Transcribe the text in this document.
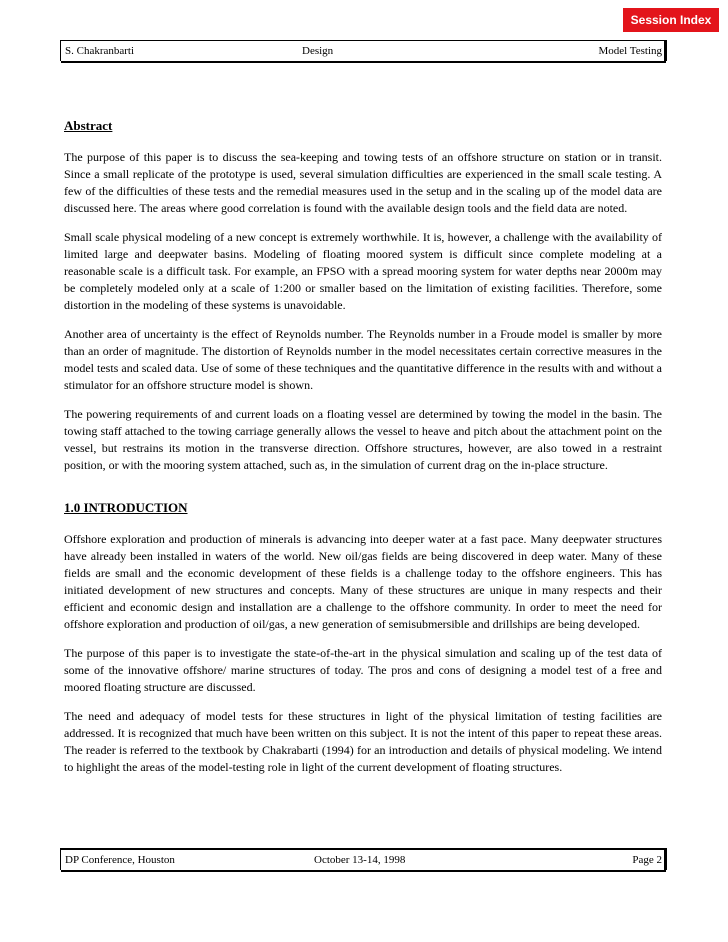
Session Index
S. Chakranbarti	Design	Model Testing
Abstract

The purpose of this paper is to discuss the sea-keeping and towing tests of an offshore structure on station or in transit. Since a small replicate of the prototype is used, several simulation difficulties are experienced in the small scale testing. A few of the difficulties of these tests and the remedial measures used in the setup and in the scaling up of the model data are discussed here. The areas where good correlation is found with the available design tools and the field data are noted.

Small scale physical modeling of a new concept is extremely worthwhile. It is, however, a challenge with the availability of limited large and deepwater basins. Modeling of floating moored system is difficult since complete modeling at a reasonable scale is a difficult task. For example, an FPSO with a spread mooring system for water depths near 2000m may be completely modeled only at a scale of 1:200 or smaller based on the limitation of existing facilities. Therefore, some distortion in the modeling of these systems is unavoidable.

Another area of uncertainty is the effect of Reynolds number. The Reynolds number in a Froude model is smaller by more than an order of magnitude. The distortion of Reynolds number in the model necessitates certain corrective measures in the model tests and scaled data. Use of some of these techniques and the quantitative difference in the results with and without a stimulator for an offshore structure model is shown.

The powering requirements of and current loads on a floating vessel are determined by towing the model in the basin. The towing staff attached to the towing carriage generally allows the vessel to heave and pitch about the attachment point on the vessel, but restrains its motion in the transverse direction. Offshore structures, however, are also towed in a restraint position, or with the mooring system attached, such as, in the simulation of current drag on the in-place structure.

1.0 INTRODUCTION

Offshore exploration and production of minerals is advancing into deeper water at a fast pace. Many deepwater structures have already been installed in waters of the world. New oil/gas fields are being discovered in deep water. Many of these fields are small and the economic development of these fields is a challenge today to the offshore engineers. This has initiated development of new structures and concepts. Many of these structures are unique in many respects and their efficient and economic design and installation are a challenge to the offshore community. In order to meet the need for offshore exploration and production of oil/gas, a new generation of semisubmersible and drillships are being developed.

The purpose of this paper is to investigate the state-of-the-art in the physical simulation and scaling up of the test data of some of the innovative offshore/ marine structures of today. The pros and cons of designing a model test of a free and moored floating structure are discussed.

The need and adequacy of model tests for these structures in light of the physical limitation of testing facilities are addressed. It is recognized that much have been written on this subject. It is not the intent of this paper to repeat these areas. The reader is referred to the textbook by Chakrabarti (1994) for an introduction and details of physical modeling. We intend to highlight the areas of the model-testing role in light of the current development of floating structures.

DP Conference, Houston	October 13-14, 1998	Page 2
